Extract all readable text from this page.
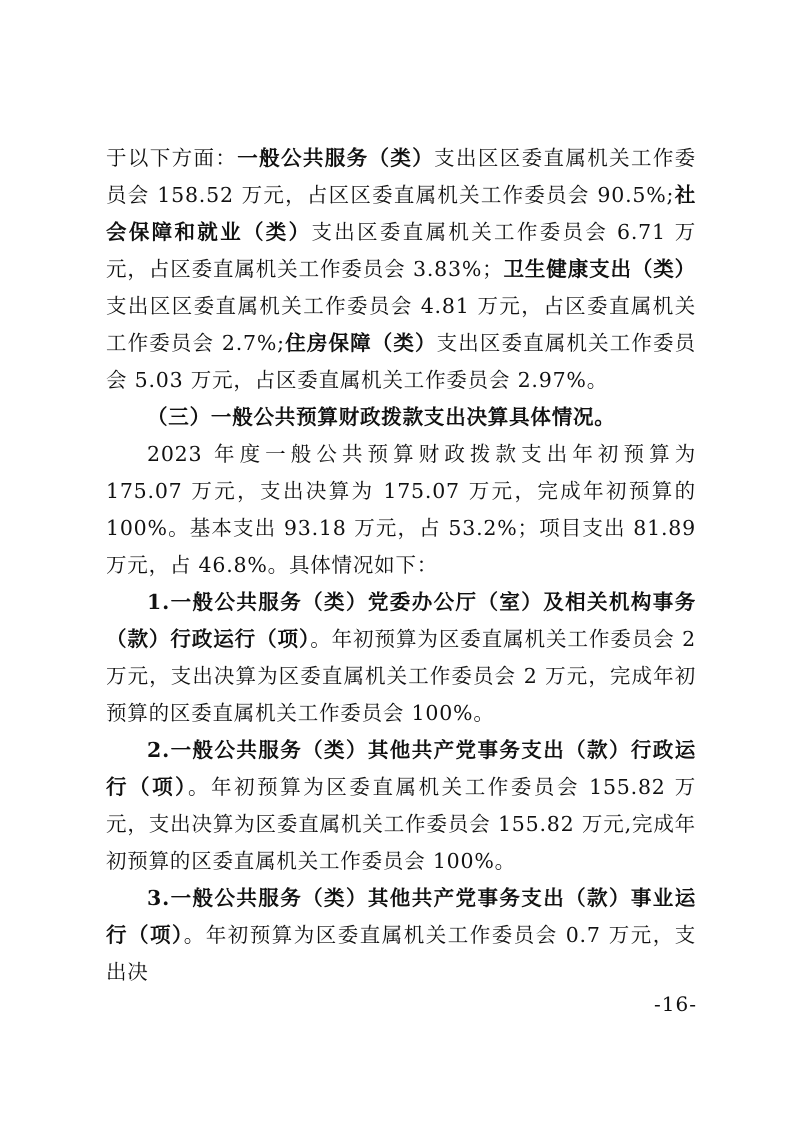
于以下方面：一般公共服务（类）支出区区委直属机关工作委员会 158.52 万元，占区区委直属机关工作委员会 90.5%;社会保障和就业（类）支出区委直属机关工作委员会 6.71 万元，占区委直属机关工作委员会 3.83%；卫生健康支出（类）支出区区委直属机关工作委员会 4.81 万元，占区委直属机关工作委员会 2.7%;住房保障（类）支出区委直属机关工作委员会 5.03 万元，占区委直属机关工作委员会 2.97%。

（三）一般公共预算财政拨款支出决算具体情况。

2023 年度一般公共预算财政拨款支出年初预算为 175.07 万元，支出决算为 175.07 万元，完成年初预算的 100%。基本支出 93.18 万元，占 53.2%；项目支出 81.89 万元，占 46.8%。具体情况如下：

1.一般公共服务（类）党委办公厅（室）及相关机构事务（款）行政运行（项）。年初预算为区委直属机关工作委员会 2 万元，支出决算为区委直属机关工作委员会 2 万元，完成年初预算的区委直属机关工作委员会 100%。

2.一般公共服务（类）其他共产党事务支出（款）行政运行（项）。年初预算为区委直属机关工作委员会 155.82 万元，支出决算为区委直属机关工作委员会 155.82 万元,完成年初预算的区委直属机关工作委员会 100%。

3.一般公共服务（类）其他共产党事务支出（款）事业运行（项）。年初预算为区委直属机关工作委员会 0.7 万元，支出决

-16-
